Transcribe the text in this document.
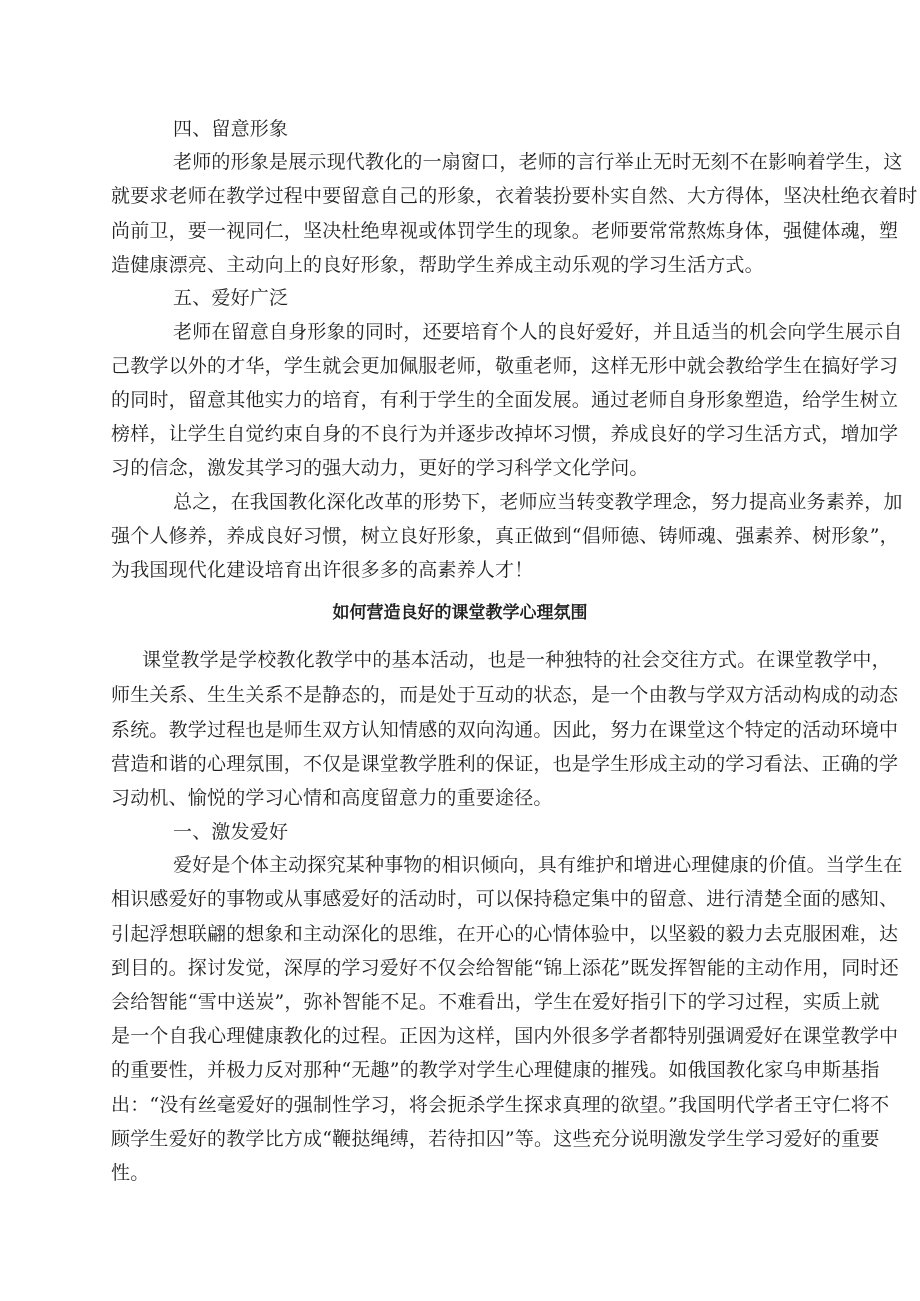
四、留意形象
老师的形象是展示现代教化的一扇窗口，老师的言行举止无时无刻不在影响着学生，这
就要求老师在教学过程中要留意自己的形象，衣着装扮要朴实自然、大方得体，坚决杜绝衣着时
尚前卫，要一视同仁，坚决杜绝卑视或体罚学生的现象。老师要常常熬炼身体，强健体魂，塑
造健康漂亮、主动向上的良好形象，帮助学生养成主动乐观的学习生活方式。
五、爱好广泛
老师在留意自身形象的同时，还要培育个人的良好爱好，并且适当的机会向学生展示自
己教学以外的才华，学生就会更加佩服老师，敬重老师，这样无形中就会教给学生在搞好学习
的同时，留意其他实力的培育，有利于学生的全面发展。通过老师自身形象塑造，给学生树立
榜样，让学生自觉约束自身的不良行为并逐步改掉坏习惯，养成良好的学习生活方式，增加学
习的信念，激发其学习的强大动力，更好的学习科学文化学问。
总之，在我国教化深化改革的形势下，老师应当转变教学理念，努力提高业务素养，加
强个人修养，养成良好习惯，树立良好形象，真正做到“倡师德、铸师魂、强素养、树形象”，
为我国现代化建设培育出许很多多的高素养人才！
如何营造良好的课堂教学心理氛围
课堂教学是学校教化教学中的基本活动，也是一种独特的社会交往方式。在课堂教学中，
师生关系、生生关系不是静态的，而是处于互动的状态，是一个由教与学双方活动构成的动态
系统。教学过程也是师生双方认知情感的双向沟通。因此，努力在课堂这个特定的活动环境中
营造和谐的心理氛围，不仅是课堂教学胜利的保证，也是学生形成主动的学习看法、正确的学
习动机、愉悦的学习心情和高度留意力的重要途径。
一、激发爱好
爱好是个体主动探究某种事物的相识倾向，具有维护和增进心理健康的价值。当学生在
相识感爱好的事物或从事感爱好的活动时，可以保持稳定集中的留意、进行清楚全面的感知、
引起浮想联翩的想象和主动深化的思维，在开心的心情体验中，以坚毅的毅力去克服困难，达
到目的。探讨发觉，深厚的学习爱好不仅会给智能“锦上添花”既发挥智能的主动作用，同时还
会给智能“雪中送炭”，弥补智能不足。不难看出，学生在爱好指引下的学习过程，实质上就
是一个自我心理健康教化的过程。正因为这样，国内外很多学者都特别强调爱好在课堂教学中
的重要性，并极力反对那种“无趣”的教学对学生心理健康的摧残。如俄国教化家乌申斯基指
出：“没有丝毫爱好的强制性学习，将会扼杀学生探求真理的欲望。”我国明代学者王守仁将不
顾学生爱好的教学比方成“鞭挞绳缚，若待扣囚”等。这些充分说明激发学生学习爱好的重要
性。
